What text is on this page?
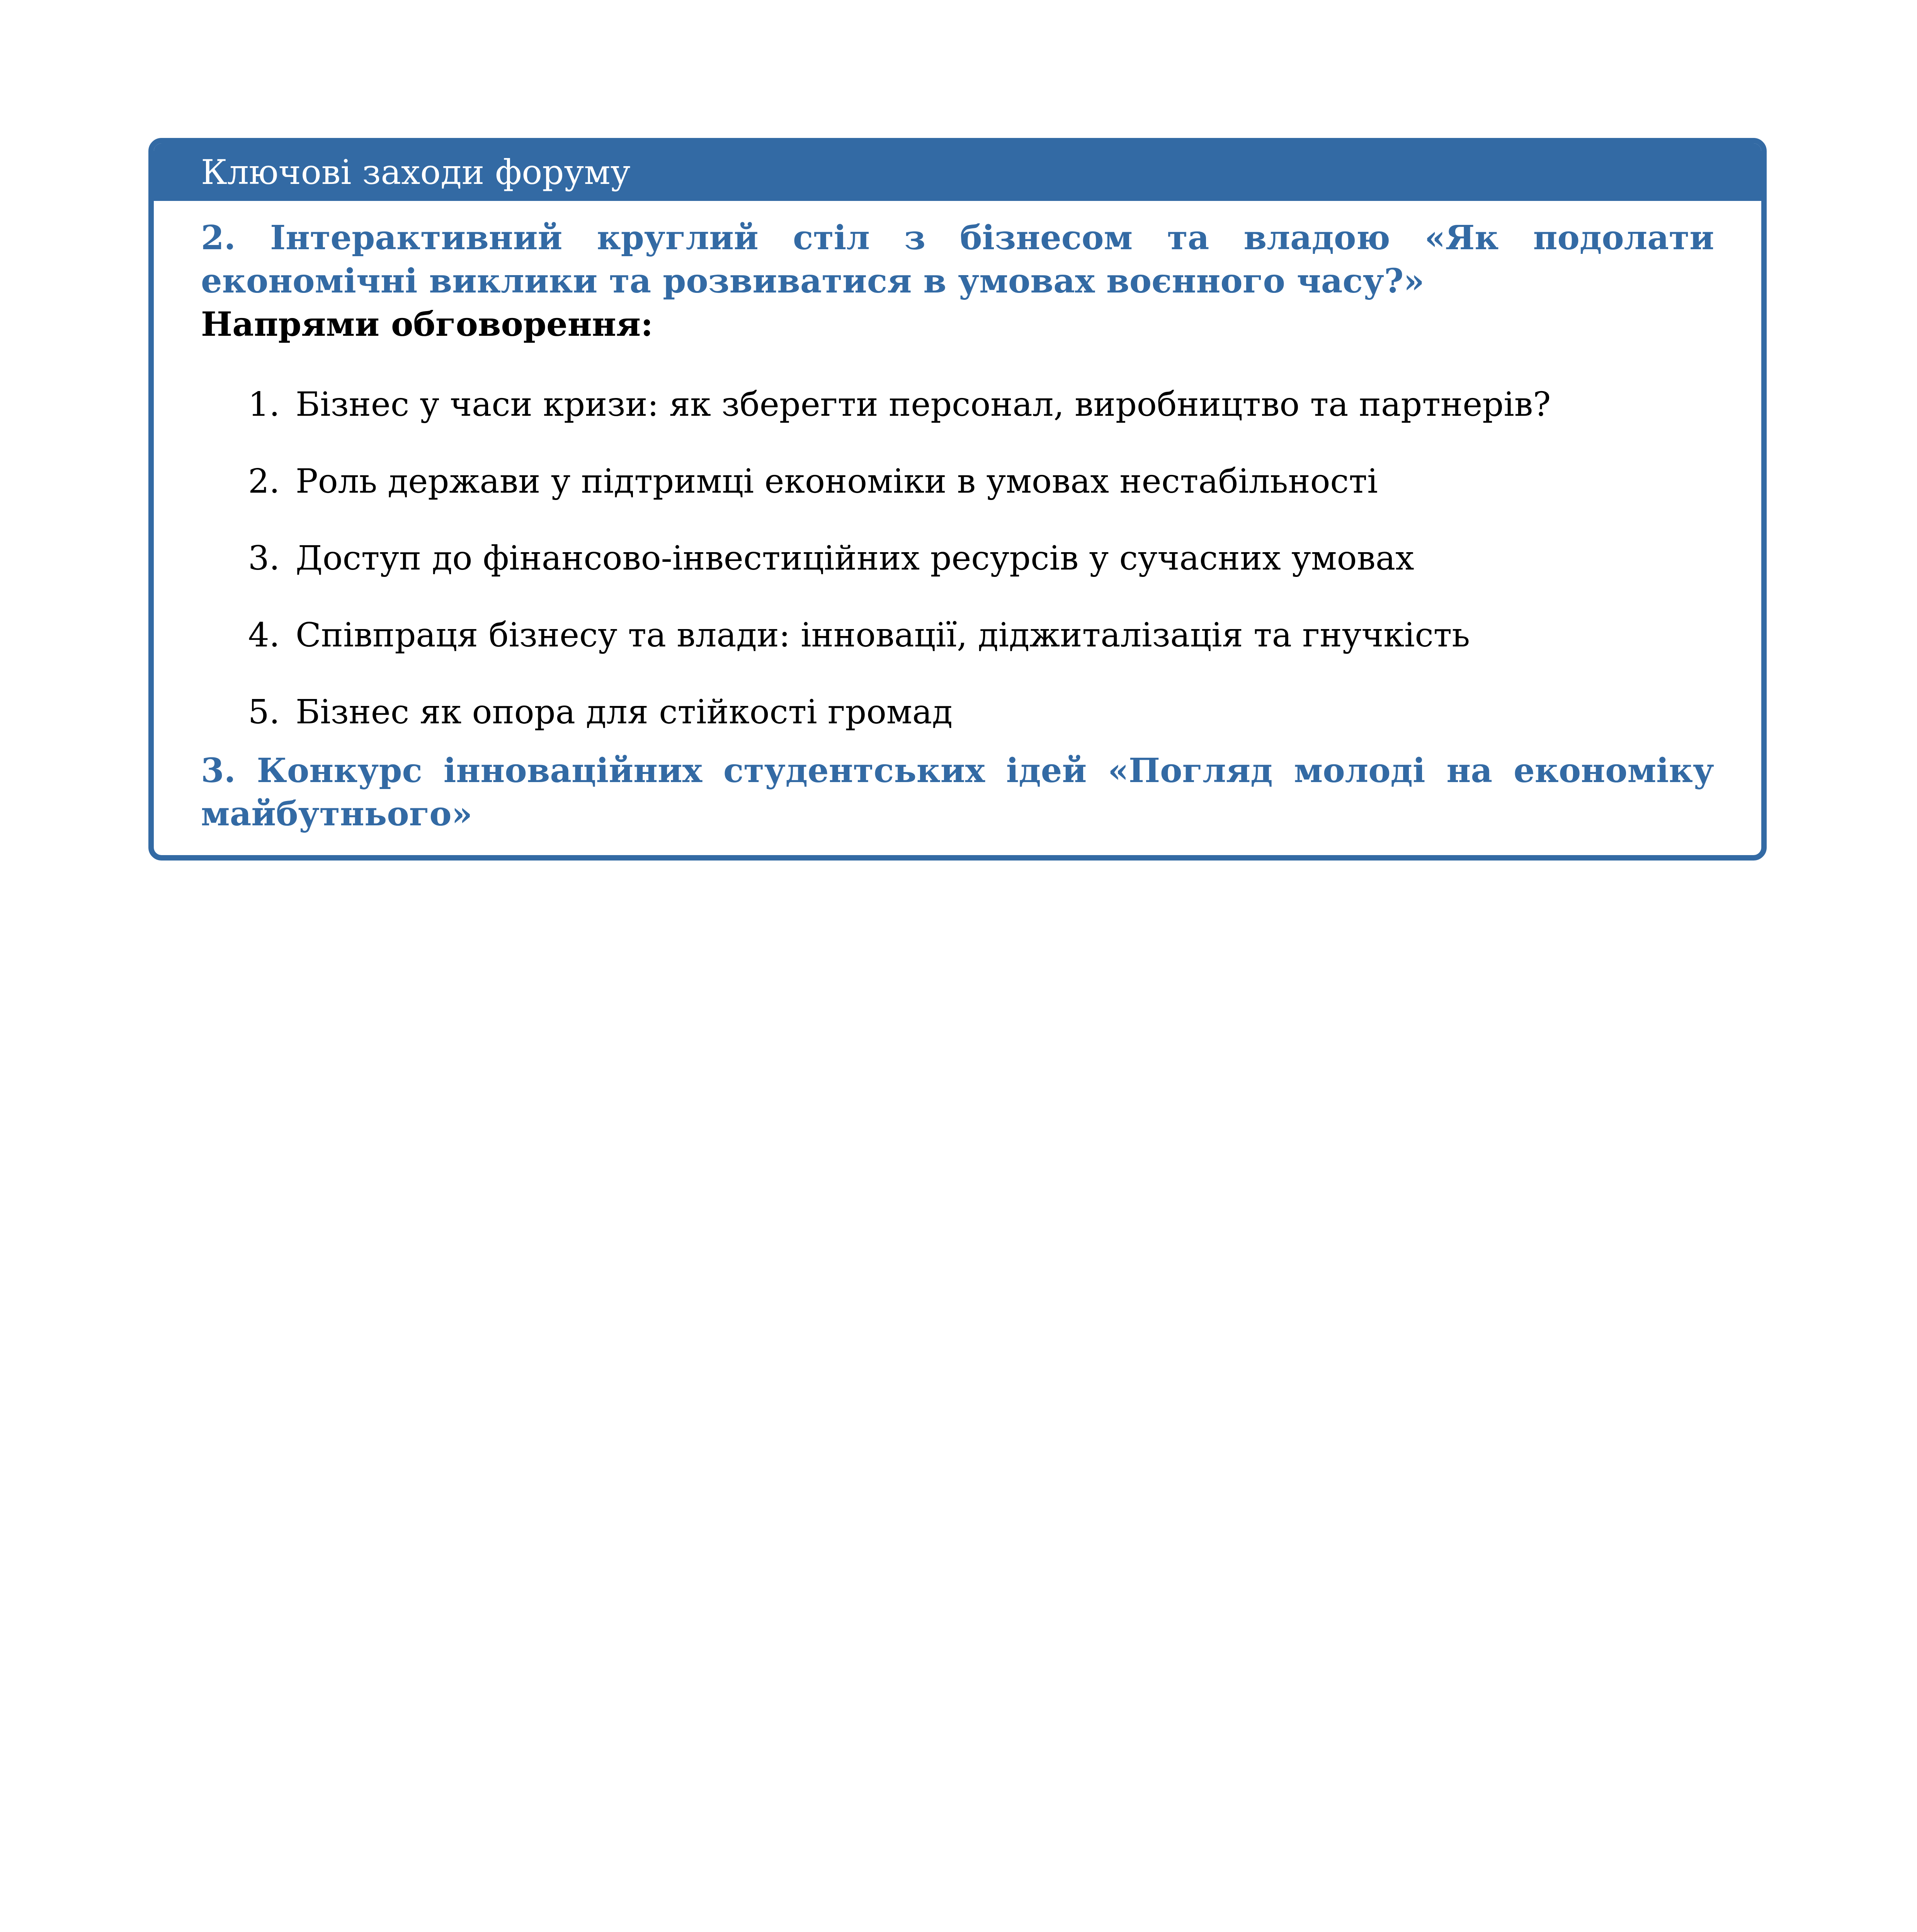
Ключові заходи форуму

2. Інтерактивний круглий стіл з бізнесом та владою «Як подолати економічні виклики та розвиватися в умовах воєнного часу?»

Напрями обговорення:

1. Бізнес у часи кризи: як зберегти персонал, виробництво та партнерів?
2. Роль держави у підтримці економіки в умовах нестабільності
3. Доступ до фінансово-інвестиційних ресурсів у сучасних умовах
4. Співпраця бізнесу та влади: інновації, діджиталізація та гнучкість
5. Бізнес як опора для стійкості громад

3. Конкурс інноваційних студентських ідей «Погляд молоді на економіку майбутнього»
